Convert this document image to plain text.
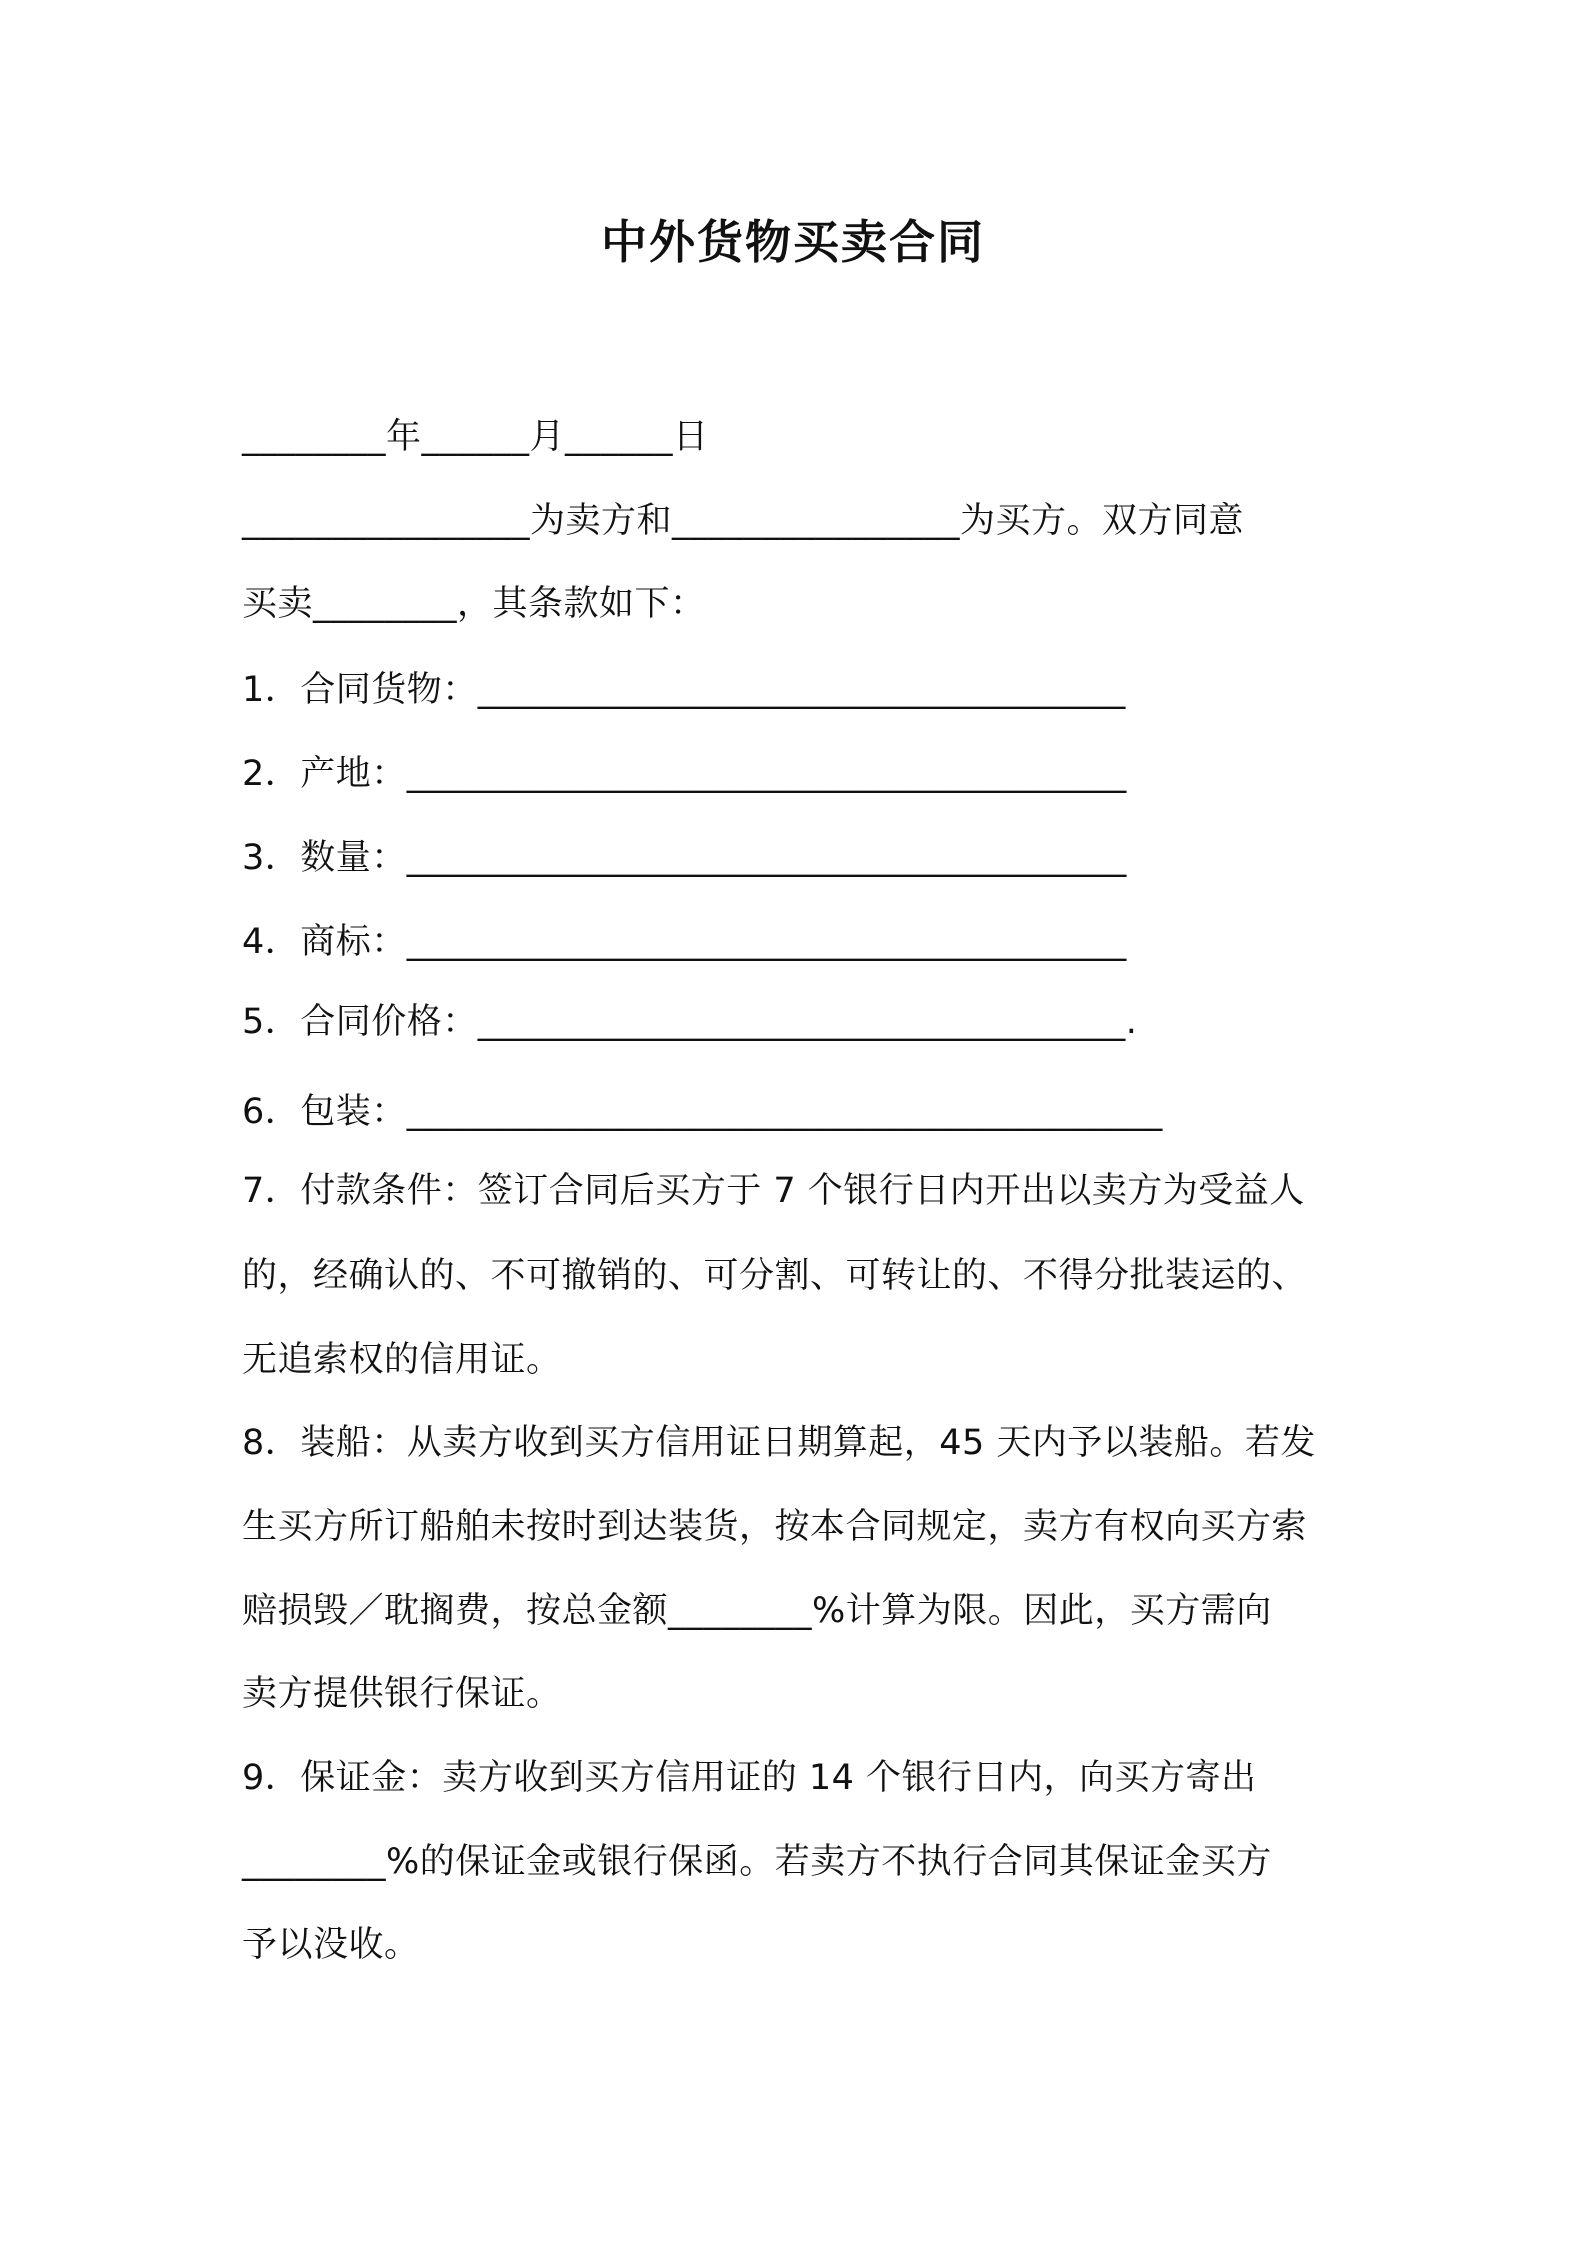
中外货物买卖合同
________年______月______日
________________为卖方和________________为买方。双方同意
买卖________，其条款如下：
1．合同货物：____________________________________
2．产地：________________________________________
3．数量：________________________________________
4．商标：________________________________________
5．合同价格：____________________________________.
6．包装：__________________________________________
7．付款条件：签订合同后买方于 7 个银行日内开出以卖方为受益人
的，经确认的、不可撤销的、可分割、可转让的、不得分批装运的、
无追索权的信用证。
8．装船：从卖方收到买方信用证日期算起，45 天内予以装船。若发
生买方所订船舶未按时到达装货，按本合同规定，卖方有权向买方索
赔损毁／耽搁费，按总金额________%计算为限。因此，买方需向
卖方提供银行保证。
9．保证金：卖方收到买方信用证的 14 个银行日内，向买方寄出
________%的保证金或银行保函。若卖方不执行合同其保证金买方
予以没收。
